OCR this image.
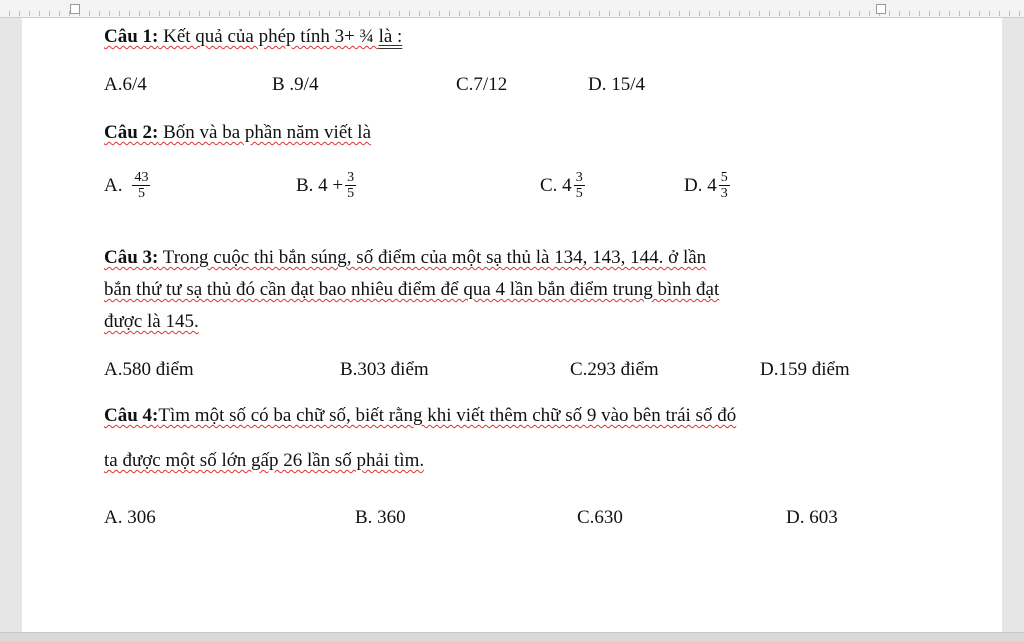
Câu 1: Kết quả của phép tính 3+ ¾ là :
A.6/4	B .9/4	C.7/12	D. 15/4
Câu 2: Bốn và ba phần năm viết là
A. $\frac{43}{5}$	B. $4 + \frac{3}{5}$	C. $4 \frac{3}{5}$	D. $4 \frac{5}{3}$
Câu 3: Trong cuộc thi bắn súng, số điểm của một sạ thủ là 134, 143, 144. ở lần
bắn thứ tư sạ thủ đó cần đạt bao nhiêu điểm để qua 4 lần bắn điểm trung bình đạt
được là 145.
A.580 điểm	B.303 điểm	C.293 điểm	D.159 điểm
Câu 4:Tìm một số có ba chữ số, biết rằng khi viết thêm chữ số 9 vào bên trái số đó
ta được một số lớn gấp 26 lần số phải tìm.
A. 306	B. 360	C.630	D. 603
